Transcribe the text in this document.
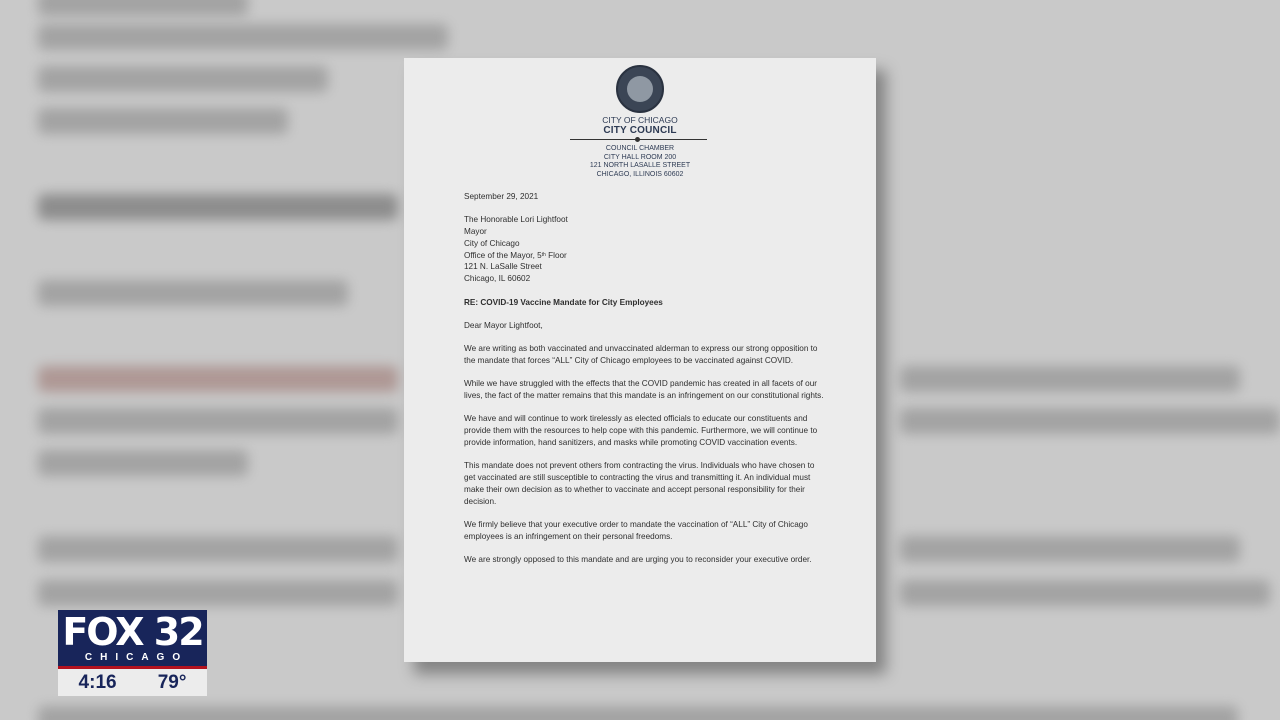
CITY OF CHICAGO
CITY COUNCIL
COUNCIL CHAMBER
CITY HALL ROOM 200
121 NORTH LASALLE STREET
CHICAGO, ILLINOIS 60602

September 29, 2021

The Honorable Lori Lightfoot
Mayor
City of Chicago
Office of the Mayor, 5th Floor
121 N. LaSalle Street
Chicago, IL 60602

RE: COVID-19 Vaccine Mandate for City Employees

Dear Mayor Lightfoot,

We are writing as both vaccinated and unvaccinated alderman to express our strong opposition to the mandate that forces “ALL” City of Chicago employees to be vaccinated against COVID.

While we have struggled with the effects that the COVID pandemic has created in all facets of our lives, the fact of the matter remains that this mandate is an infringement on our constitutional rights.

We have and will continue to work tirelessly as elected officials to educate our constituents and provide them with the resources to help cope with this pandemic. Furthermore, we will continue to provide information, hand sanitizers, and masks while promoting COVID vaccination events.

This mandate does not prevent others from contracting the virus. Individuals who have chosen to get vaccinated are still susceptible to contracting the virus and transmitting it. An individual must make their own decision as to whether to vaccinate and accept personal responsibility for their decision.

We firmly believe that your executive order to mandate the vaccination of “ALL” City of Chicago employees is an infringement on their personal freedoms.

We are strongly opposed to this mandate and are urging you to reconsider your executive order.

FOX 32
CHICAGO
4:16 79°
